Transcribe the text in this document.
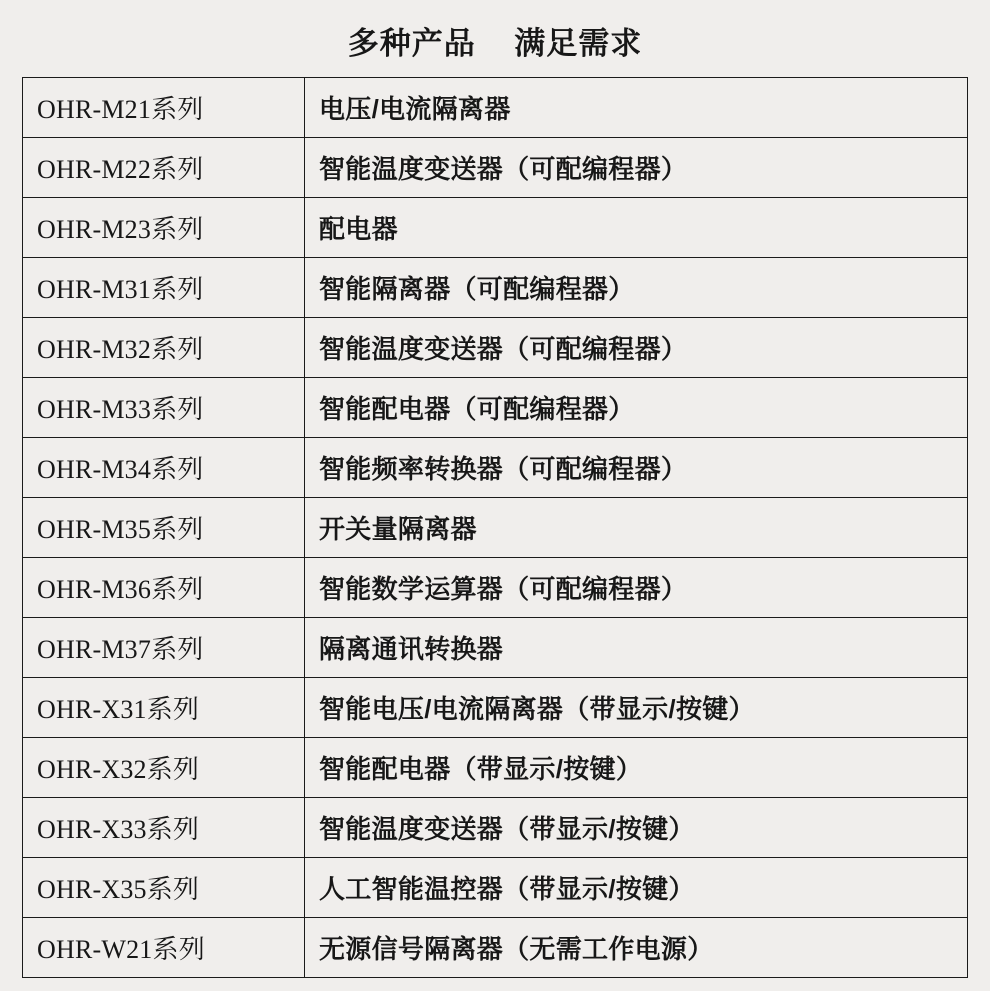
多种产品    满足需求
OHR-M21系列	电压/电流隔离器
OHR-M22系列	智能温度变送器（可配编程器）
OHR-M23系列	配电器
OHR-M31系列	智能隔离器（可配编程器）
OHR-M32系列	智能温度变送器（可配编程器）
OHR-M33系列	智能配电器（可配编程器）
OHR-M34系列	智能频率转换器（可配编程器）
OHR-M35系列	开关量隔离器
OHR-M36系列	智能数学运算器（可配编程器）
OHR-M37系列	隔离通讯转换器
OHR-X31系列	智能电压/电流隔离器（带显示/按键）
OHR-X32系列	智能配电器（带显示/按键）
OHR-X33系列	智能温度变送器（带显示/按键）
OHR-X35系列	人工智能温控器（带显示/按键）
OHR-W21系列	无源信号隔离器（无需工作电源）
